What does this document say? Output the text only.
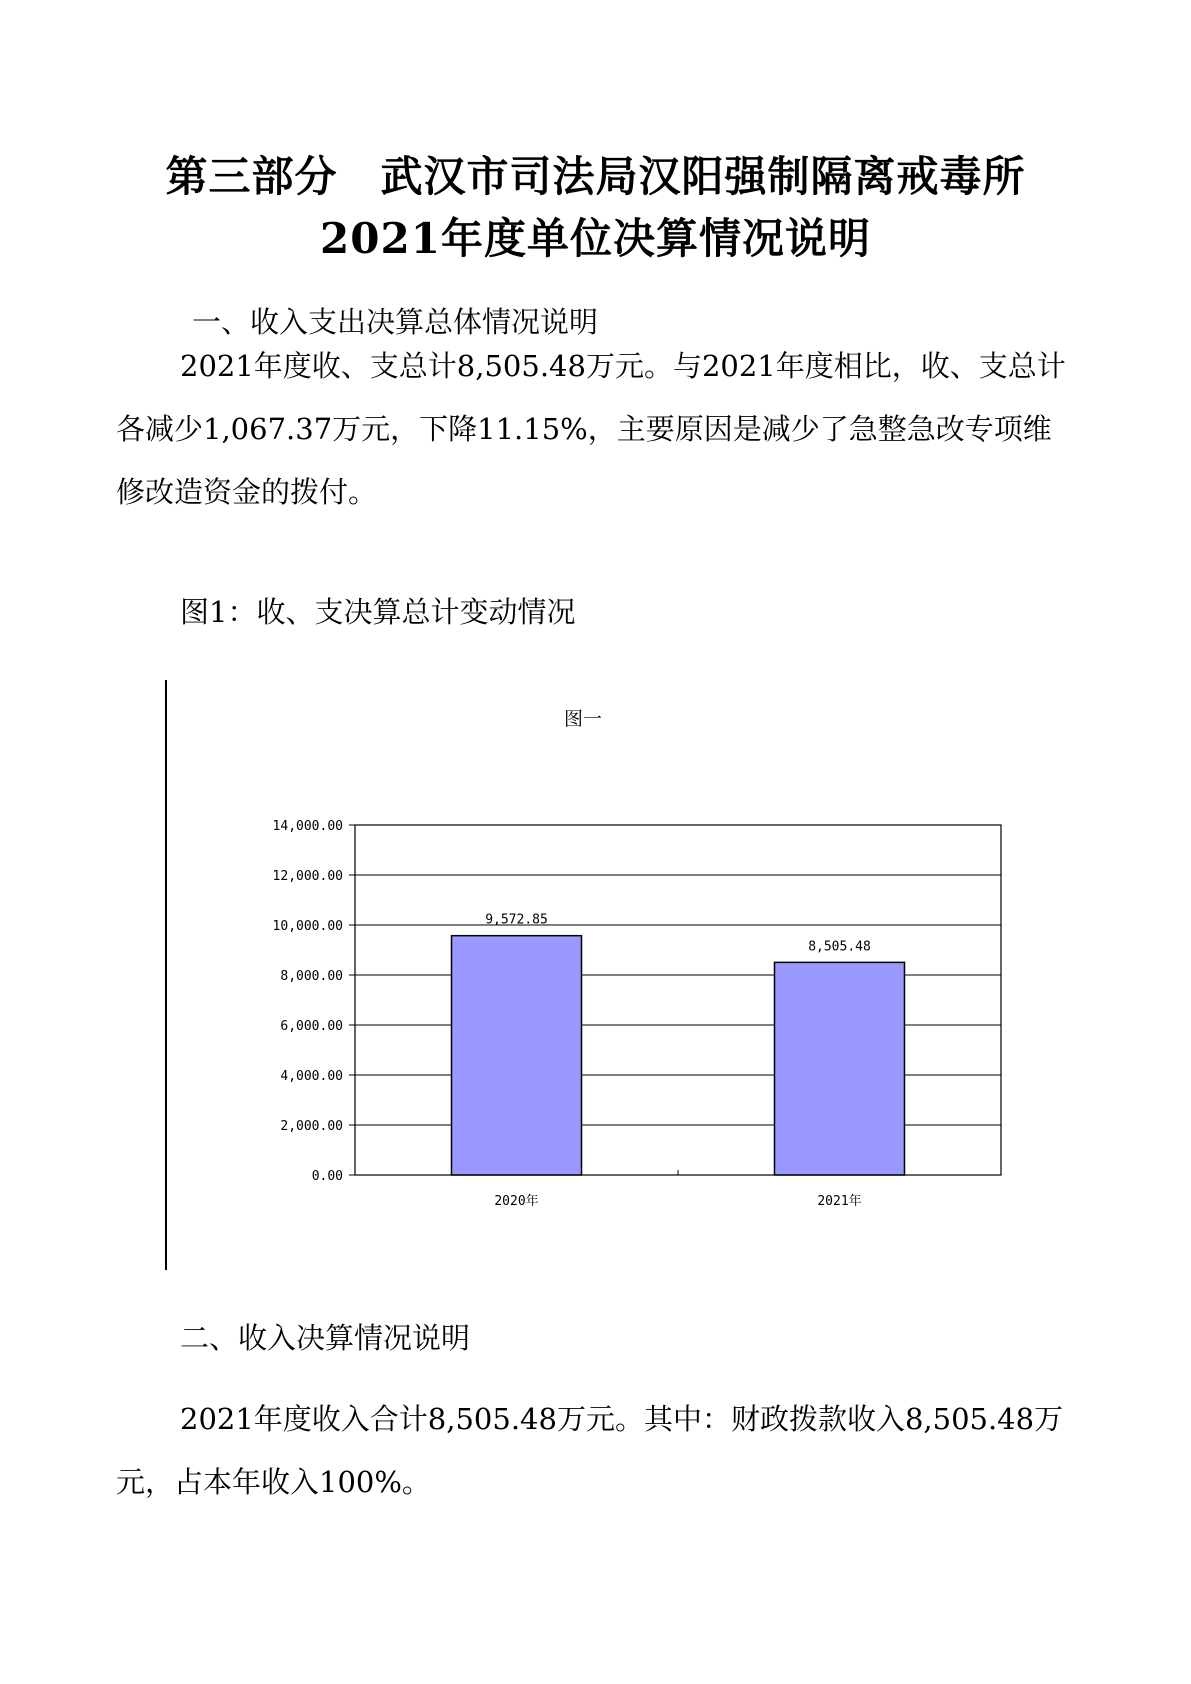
第三部分　武汉市司法局汉阳强制隔离戒毒所
2021年度单位决算情况说明

一、收入支出决算总体情况说明

2021年度收、支总计8,505.48万元。与2021年度相比，收、支总计各减少1,067.37万元，下降11.15%，主要原因是减少了急整急改专项维修改造资金的拨付。

图1：收、支决算总计变动情况

图一
0.00
2,000.00
4,000.00
6,000.00
8,000.00
10,000.00
12,000.00
14,000.00
9,572.85
8,505.48
2020年	2021年

二、收入决算情况说明

2021年度收入合计8,505.48万元。其中：财政拨款收入8,505.48万元，占本年收入100%。
